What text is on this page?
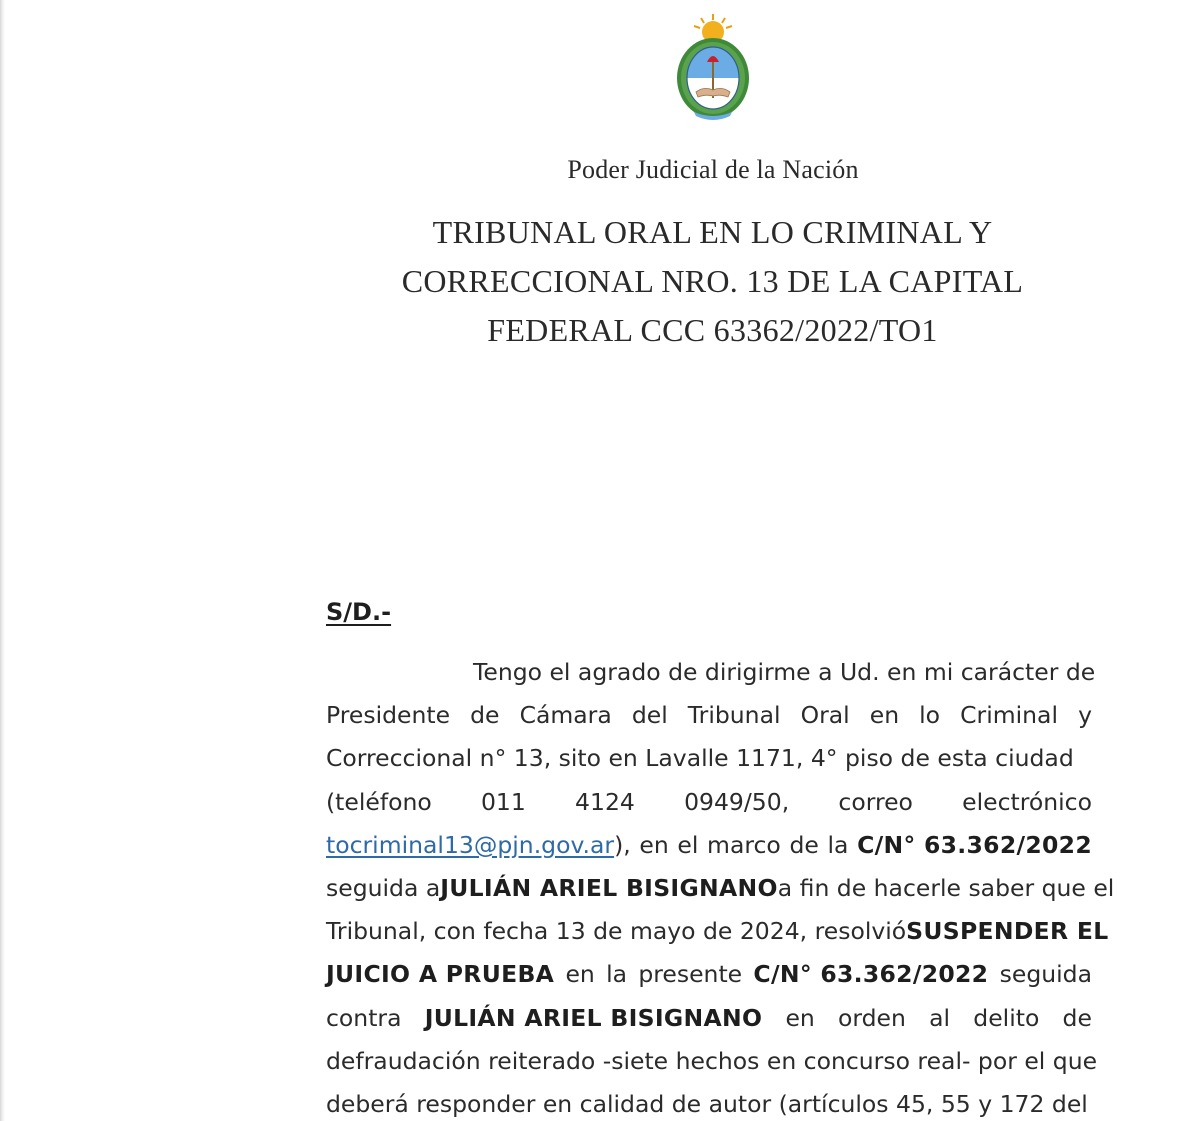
Poder Judicial de la Nación
TRIBUNAL ORAL EN LO CRIMINAL Y
CORRECCIONAL NRO. 13 DE LA CAPITAL
FEDERAL CCC 63362/2022/TO1
S/D.-
Tengo el agrado de dirigirme a Ud. en mi carácter de
Presidente de Cámara del Tribunal Oral en lo Criminal y
Correccional n° 13, sito en Lavalle 1171, 4° piso de esta ciudad
(teléfono 011 4124 0949/50, correo electrónico
tocriminal13@pjn.gov.ar), en el marco de la C/N° 63.362/2022
seguida a JULIÁN ARIEL BISIGNANO a fin de hacerle saber que el
Tribunal, con fecha 13 de mayo de 2024, resolvió SUSPENDER EL
JUICIO A PRUEBA en la presente C/N° 63.362/2022 seguida
contra JULIÁN ARIEL BISIGNANO en orden al delito de
defraudación reiterado -siete hechos en concurso real- por el que
deberá responder en calidad de autor (artículos 45, 55 y 172 del
